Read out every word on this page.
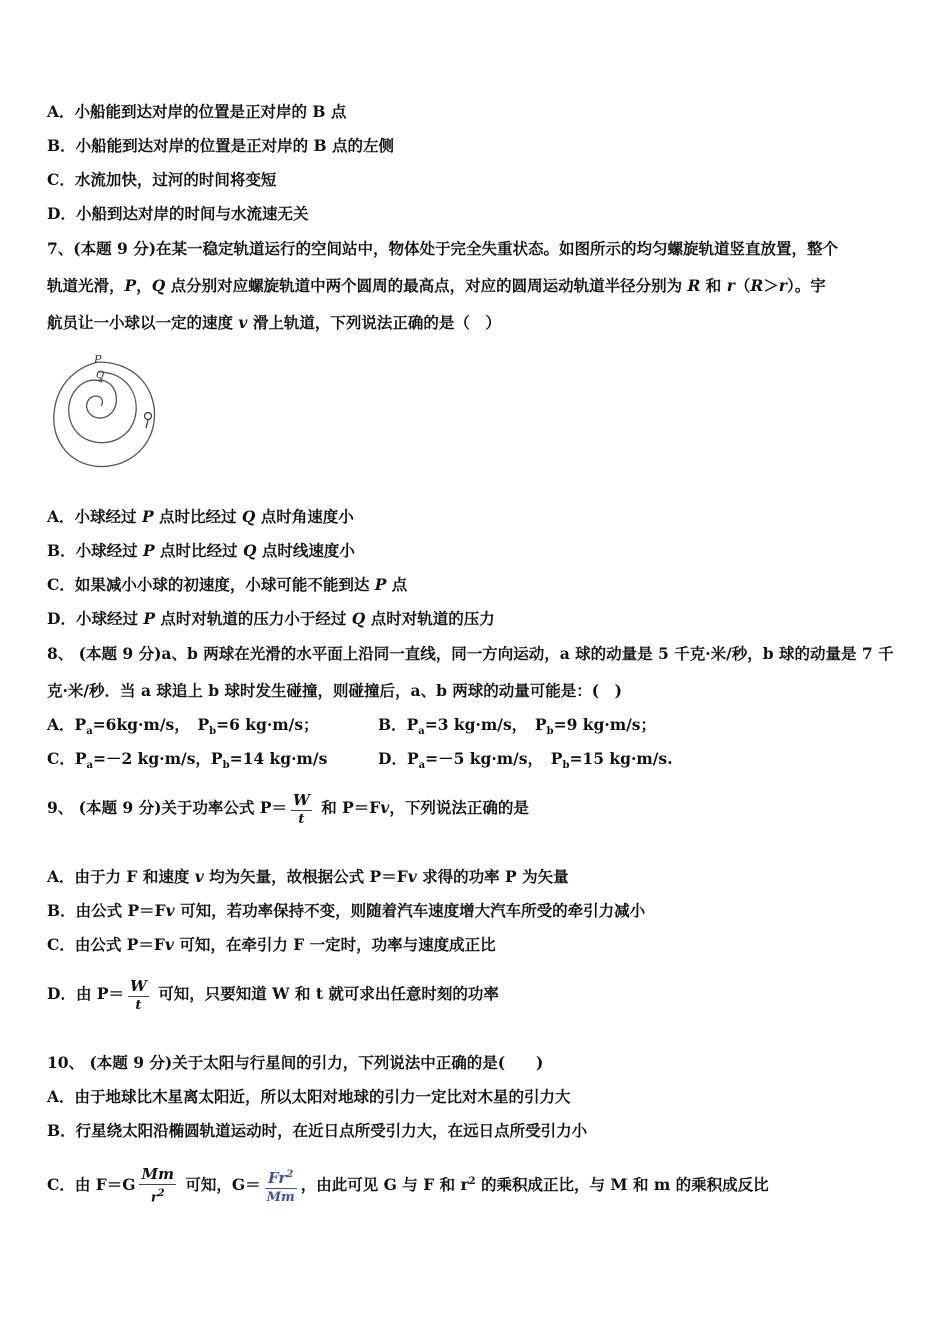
A．小船能到达对岸的位置是正对岸的 B 点
B．小船能到达对岸的位置是正对岸的 B 点的左侧
C．水流加快，过河的时间将变短
D．小船到达对岸的时间与水流速无关
7、(本题 9 分)在某一稳定轨道运行的空间站中，物体处于完全失重状态。如图所示的均匀螺旋轨道竖直放置，整个
轨道光滑，P，Q 点分别对应螺旋轨道中两个圆周的最高点，对应的圆周运动轨道半径分别为 R 和 r（R＞r）。宇
航员让一小球以一定的速度 v 滑上轨道，下列说法正确的是（　）
P
Q
A．小球经过 P 点时比经过 Q 点时角速度小
B．小球经过 P 点时比经过 Q 点时线速度小
C．如果减小小球的初速度，小球可能不能到达 P 点
D．小球经过 P 点时对轨道的压力小于经过 Q 点时对轨道的压力
8、 (本题 9 分)a、b 两球在光滑的水平面上沿同一直线，同一方向运动，a 球的动量是 5 千克·米/秒，b 球的动量是 7 千
克·米/秒．当 a 球追上 b 球时发生碰撞，则碰撞后，a、b 两球的动量可能是：(　)
A．$P_a=6kg\cdot m/s$，　$P_b=6$ kg·m/s；	B．$P_a=3$ kg·m/s，　$P_b=9$ kg·m/s；
C．$P_a=-2$ kg·m/s，$P_b=14$ kg·m/s	D．$P_a=-5$ kg·m/s，　$P_b=15$ kg·m/s.
9、 (本题 9 分)关于功率公式 $P= \frac{W}{t}$ 和 P＝Fv，下列说法正确的是
A．由于力 F 和速度 v 均为矢量，故根据公式 P＝Fv 求得的功率 P 为矢量
B．由公式 P＝Fv 可知，若功率保持不变，则随着汽车速度增大汽车所受的牵引力减小
C．由公式 P＝Fv 可知，在牵引力 F 一定时，功率与速度成正比
D．由 $P= \frac{W}{t}$ 可知，只要知道 W 和 t 就可求出任意时刻的功率
10、 (本题 9 分)关于太阳与行星间的引力，下列说法中正确的是(　　)
A．由于地球比木星离太阳近，所以太阳对地球的引力一定比对木星的引力大
B．行星绕太阳沿椭圆轨道运动时，在近日点所受引力大，在远日点所受引力小
C．由 $F=G \frac{Mm}{r^2}$ 可知，$G= \frac{Fr^2}{Mm}$ ，由此可见 G 与 F 和 $r^2$ 的乘积成正比，与 M 和 m 的乘积成反比
